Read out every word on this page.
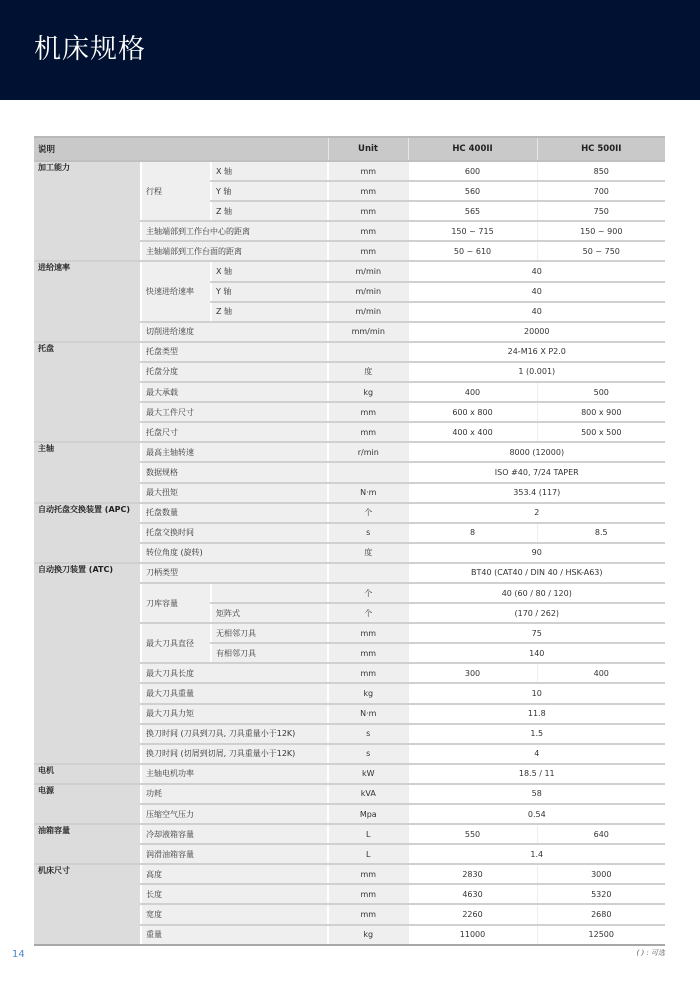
机床规格
说明			Unit	HC 400II	HC 500II
加工能力	行程	X 轴	mm	600	850
		Y 轴	mm	560	700
		Z 轴	mm	565	750
	主轴端部到工作台中心的距离		mm	150 ~ 715	150 ~ 900
	主轴端部到工作台面的距离		mm	50 ~ 610	50 ~ 750
进给速率	快速进给速率	X 轴	m/min	40	
		Y 轴	m/min	40	
		Z 轴	m/min	40	
	切削进给速度		mm/min	20000	
托盘	托盘类型			24-M16 X P2.0	
	托盘分度		度	1 (0.001)	
	最大承载		kg	400	500
	最大工件尺寸		mm	600 x 800	800 x 900
	托盘尺寸		mm	400 x 400	500 x 500
主轴	最高主轴转速		r/min	8000 (12000)	
	数据规格			ISO #40, 7/24 TAPER	
	最大扭矩		N·m	353.4 (117)	
自动托盘交换装置 (APC)	托盘数量		个	2	
	托盘交换时间		s	8	8.5
	转位角度 (旋转)		度	90	
自动换刀装置 (ATC)	刀柄类型			BT40 (CAT40 / DIN 40 / HSK-A63)	
	刀库容量		个	40 (60 / 80 / 120)	
		矩阵式	个	(170 / 262)	
	最大刀具直径	无相邻刀具	mm	75	
		有相邻刀具	mm	140	
	最大刀具长度		mm	300	400
	最大刀具重量		kg	10	
	最大刀具力矩		N·m	11.8	
	换刀时间 (刀具到刀具, 刀具重量小于12K)		s	1.5	
	换刀时间 (切屑到切屑, 刀具重量小于12K)		s	4	
电机	主轴电机功率		kW	18.5 / 11	
电源	功耗		kVA	58	
	压缩空气压力		Mpa	0.54	
油箱容量	冷却液箱容量		L	550	640
	润滑油箱容量		L	1.4	
机床尺寸	高度		mm	2830	3000
	长度		mm	4630	5320
	宽度		mm	2260	2680
	重量		kg	11000	12500
14	( ) : 可选
